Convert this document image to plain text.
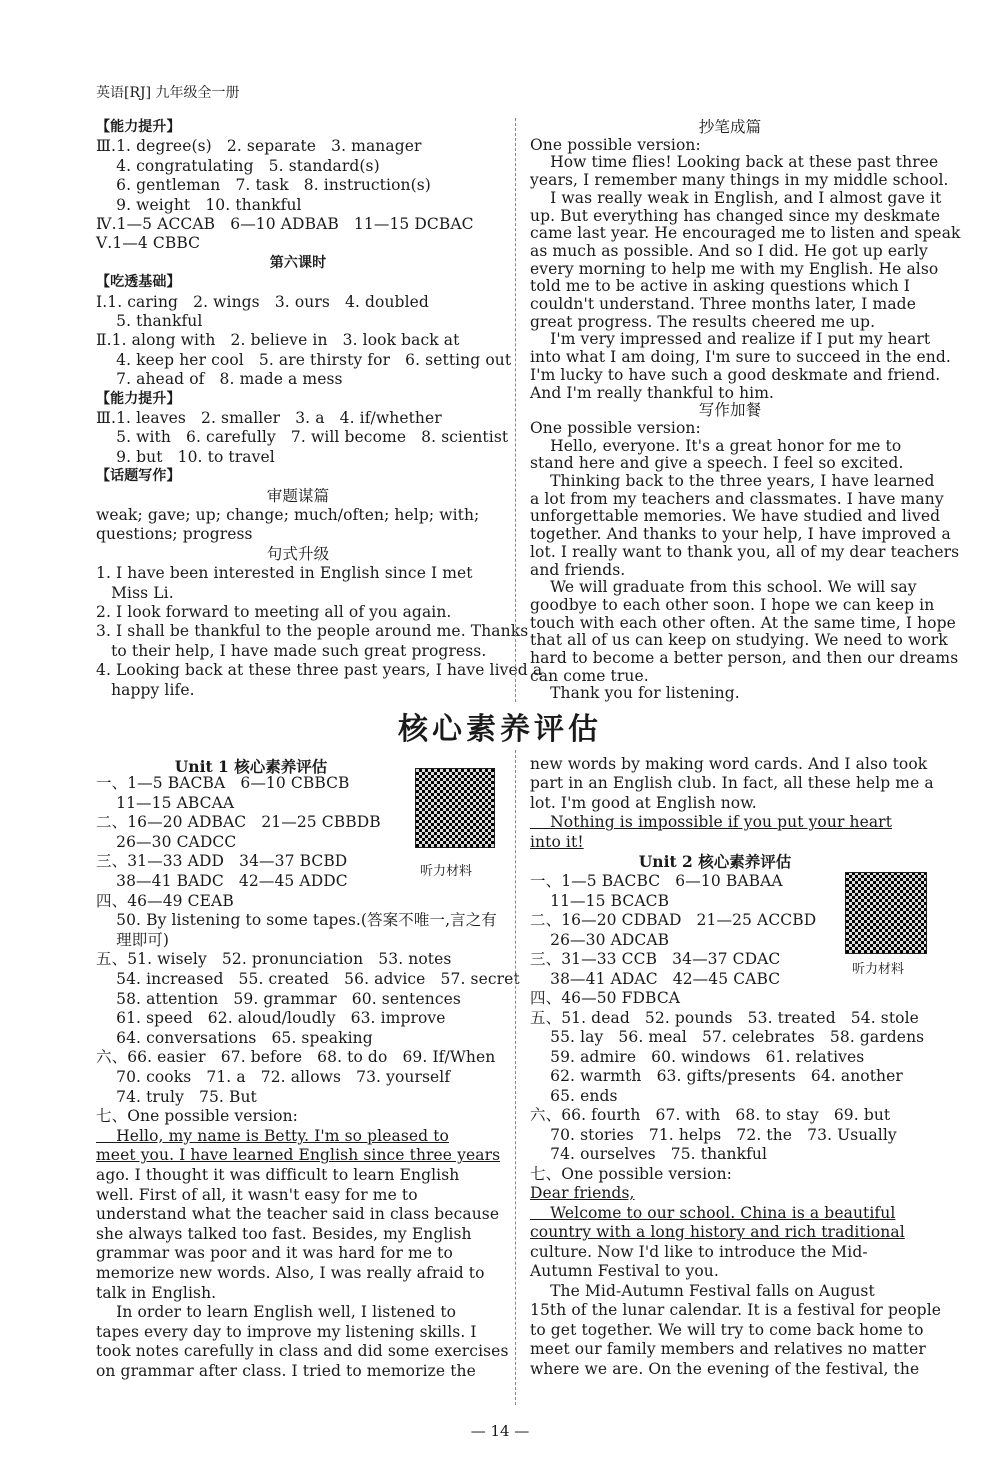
英语[RJ] 九年级全一册
【能力提升】
Ⅲ.1. degree(s)   2. separate   3. manager
4. congratulating   5. standard(s)
6. gentleman   7. task   8. instruction(s)
9. weight   10. thankful
Ⅳ.1—5 ACCAB   6—10 ADBAB   11—15 DCBAC
Ⅴ.1—4 CBBC
第六课时
【吃透基础】
Ⅰ.1. caring   2. wings   3. ours   4. doubled
5. thankful
Ⅱ.1. along with   2. believe in   3. look back at
4. keep her cool   5. are thirsty for   6. setting out
7. ahead of   8. made a mess
【能力提升】
Ⅲ.1. leaves   2. smaller   3. a   4. if/whether
5. with   6. carefully   7. will become   8. scientist
9. but   10. to travel
【话题写作】
审题谋篇
weak; gave; up; change; much/often; help; with;
questions; progress
句式升级
1. I have been interested in English since I met
Miss Li.
2. I look forward to meeting all of you again.
3. I shall be thankful to the people around me. Thanks
to their help, I have made such great progress.
4. Looking back at these three past years, I have lived a
happy life.
抄笔成篇
One possible version:
How time flies! Looking back at these past three
years, I remember many things in my middle school.
I was really weak in English, and I almost gave it
up. But everything has changed since my deskmate
came last year. He encouraged me to listen and speak
as much as possible. And so I did. He got up early
every morning to help me with my English. He also
told me to be active in asking questions which I
couldn't understand. Three months later, I made
great progress. The results cheered me up.
I'm very impressed and realize if I put my heart
into what I am doing, I'm sure to succeed in the end.
I'm lucky to have such a good deskmate and friend.
And I'm really thankful to him.
写作加餐
One possible version:
Hello, everyone. It's a great honor for me to
stand here and give a speech. I feel so excited.
Thinking back to the three years, I have learned
a lot from my teachers and classmates. I have many
unforgettable memories. We have studied and lived
together. And thanks to your help, I have improved a
lot. I really want to thank you, all of my dear teachers
and friends.
We will graduate from this school. We will say
goodbye to each other soon. I hope we can keep in
touch with each other often. At the same time, I hope
that all of us can keep on studying. We need to work
hard to become a better person, and then our dreams
can come true.
Thank you for listening.
核心素养评估
Unit 1 核心素养评估
听力材料
一、1—5 BACBA   6—10 CBBCB
11—15 ABCAA
二、16—20 ADBAC   21—25 CBBDB
26—30 CADCC
三、31—33 ADD   34—37 BCBD
38—41 BADC   42—45 ADDC
四、46—49 CEAB
50. By listening to some tapes.(答案不唯一,言之有
理即可)
五、51. wisely   52. pronunciation   53. notes
54. increased   55. created   56. advice   57. secret
58. attention   59. grammar   60. sentences
61. speed   62. aloud/loudly   63. improve
64. conversations   65. speaking
六、66. easier   67. before   68. to do   69. If/When
70. cooks   71. a   72. allows   73. yourself
74. truly   75. But
七、One possible version:
Hello, my name is Betty. I'm so pleased to
meet you. I have learned English since three years
ago. I thought it was difficult to learn English
well. First of all, it wasn't easy for me to
understand what the teacher said in class because
she always talked too fast. Besides, my English
grammar was poor and it was hard for me to
memorize new words. Also, I was really afraid to
talk in English.
In order to learn English well, I listened to
tapes every day to improve my listening skills. I
took notes carefully in class and did some exercises
on grammar after class. I tried to memorize the
new words by making word cards. And I also took
part in an English club. In fact, all these help me a
lot. I'm good at English now.
Nothing is impossible if you put your heart
into it!
Unit 2 核心素养评估
听力材料
一、1—5 BACBC   6—10 BABAA
11—15 BCACB
二、16—20 CDBAD   21—25 ACCBD
26—30 ADCAB
三、31—33 CCB   34—37 CDAC
38—41 ADAC   42—45 CABC
四、46—50 FDBCA
五、51. dead   52. pounds   53. treated   54. stole
55. lay   56. meal   57. celebrates   58. gardens
59. admire   60. windows   61. relatives
62. warmth   63. gifts/presents   64. another
65. ends
六、66. fourth   67. with   68. to stay   69. but
70. stories   71. helps   72. the   73. Usually
74. ourselves   75. thankful
七、One possible version:
Dear friends,
Welcome to our school. China is a beautiful
country with a long history and rich traditional
culture. Now I'd like to introduce the Mid-
Autumn Festival to you.
The Mid-Autumn Festival falls on August
15th of the lunar calendar. It is a festival for people
to get together. We will try to come back home to
meet our family members and relatives no matter
where we are. On the evening of the festival, the
— 14 —
